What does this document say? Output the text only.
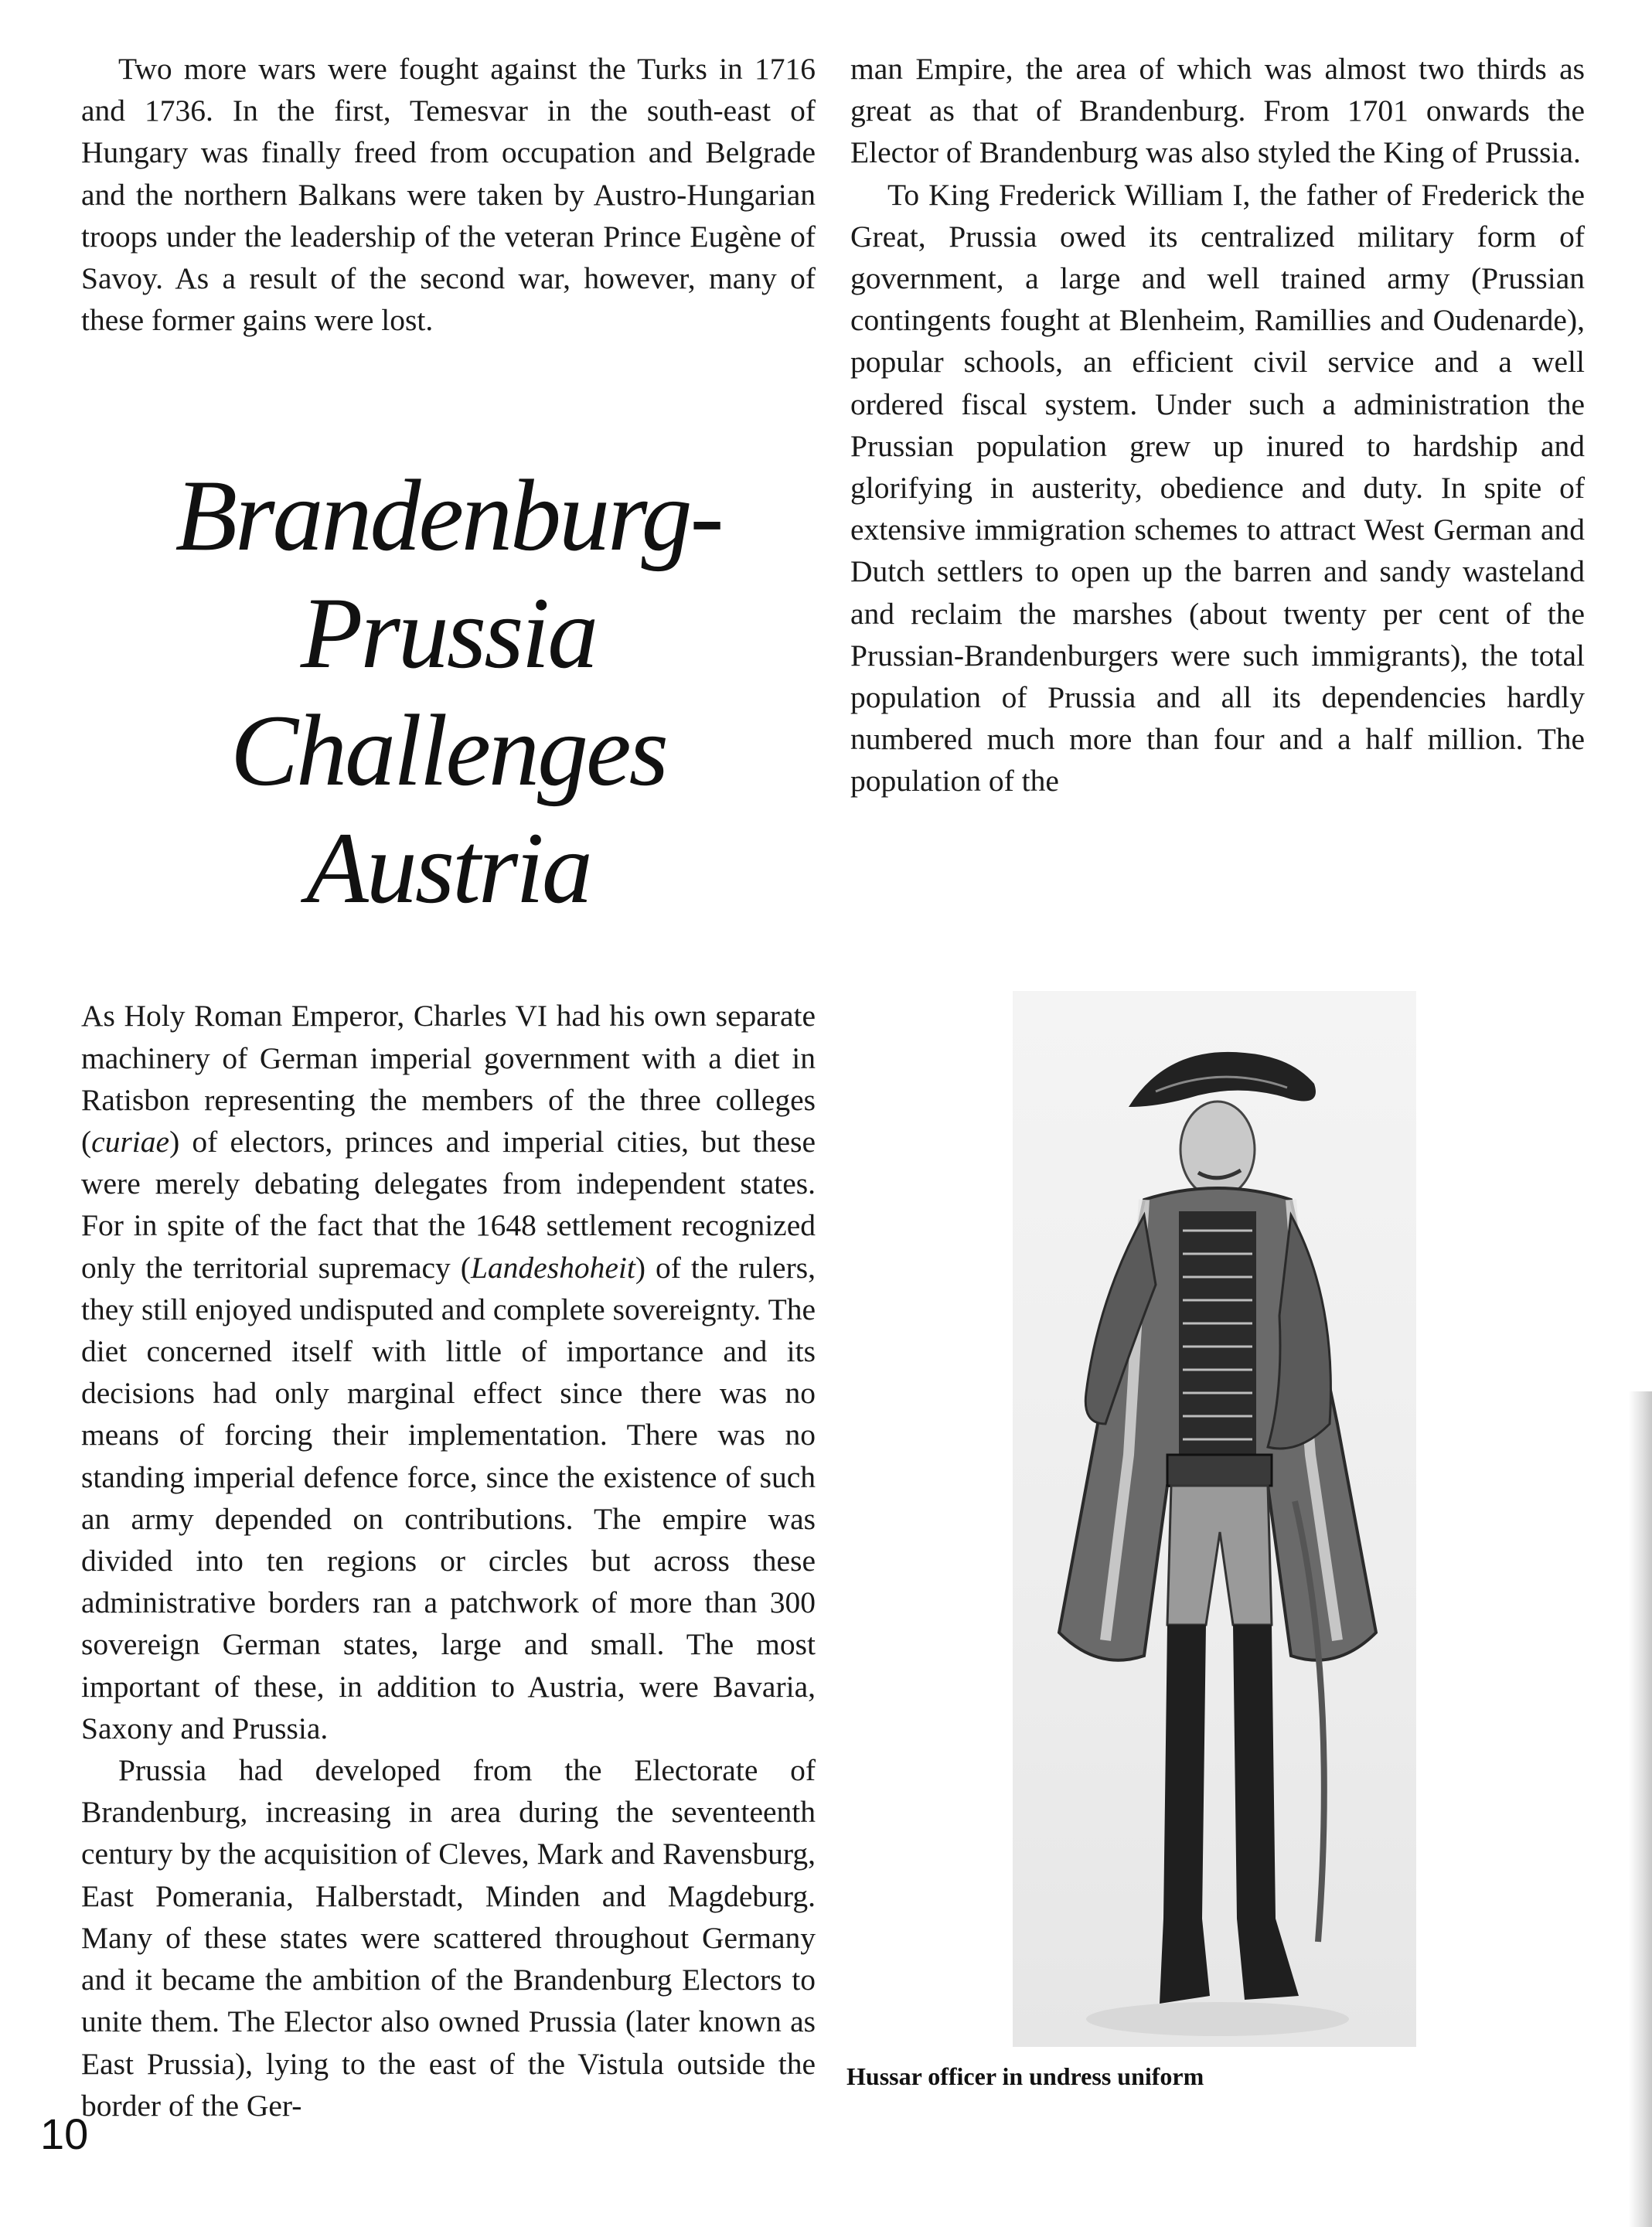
Two more wars were fought against the Turks in 1716 and 1736. In the first, Temesvar in the south-east of Hungary was finally freed from occupation and Belgrade and the northern Balkans were taken by Austro-Hungarian troops under the leadership of the veteran Prince Eugène of Savoy. As a result of the second war, however, many of these former gains were lost.

Brandenburg-Prussia
Challenges Austria

As Holy Roman Emperor, Charles VI had his own separate machinery of German imperial government with a diet in Ratisbon representing the members of the three colleges (curiae) of electors, princes and imperial cities, but these were merely debating delegates from independent states. For in spite of the fact that the 1648 settlement recognized only the territorial supremacy (Landeshoheit) of the rulers, they still enjoyed undisputed and complete sovereignty. The diet concerned itself with little of importance and its decisions had only marginal effect since there was no means of forcing their implementation. There was no standing imperial defence force, since the existence of such an army depended on contributions. The empire was divided into ten regions or circles but across these administrative borders ran a patchwork of more than 300 sovereign German states, large and small. The most important of these, in addition to Austria, were Bavaria, Saxony and Prussia.

Prussia had developed from the Electorate of Brandenburg, increasing in area during the seventeenth century by the acquisition of Cleves, Mark and Ravensburg, East Pomerania, Halberstadt, Minden and Magdeburg. Many of these states were scattered throughout Germany and it became the ambition of the Brandenburg Electors to unite them. The Elector also owned Prussia (later known as East Prussia), lying to the east of the Vistula outside the border of the Ger-

man Empire, the area of which was almost two thirds as great as that of Brandenburg. From 1701 onwards the Elector of Brandenburg was also styled the King of Prussia.

To King Frederick William I, the father of Frederick the Great, Prussia owed its centralized military form of government, a large and well trained army (Prussian contingents fought at Blenheim, Ramillies and Oudenarde), popular schools, an efficient civil service and a well ordered fiscal system. Under such a administration the Prussian population grew up inured to hardship and glorifying in austerity, obedience and duty. In spite of extensive immigration schemes to attract West German and Dutch settlers to open up the barren and sandy wasteland and reclaim the marshes (about twenty per cent of the Prussian-Brandenburgers were such immigrants), the total population of Prussia and all its dependencies hardly numbered much more than four and a half million. The population of the

Hussar officer in undress uniform
10
